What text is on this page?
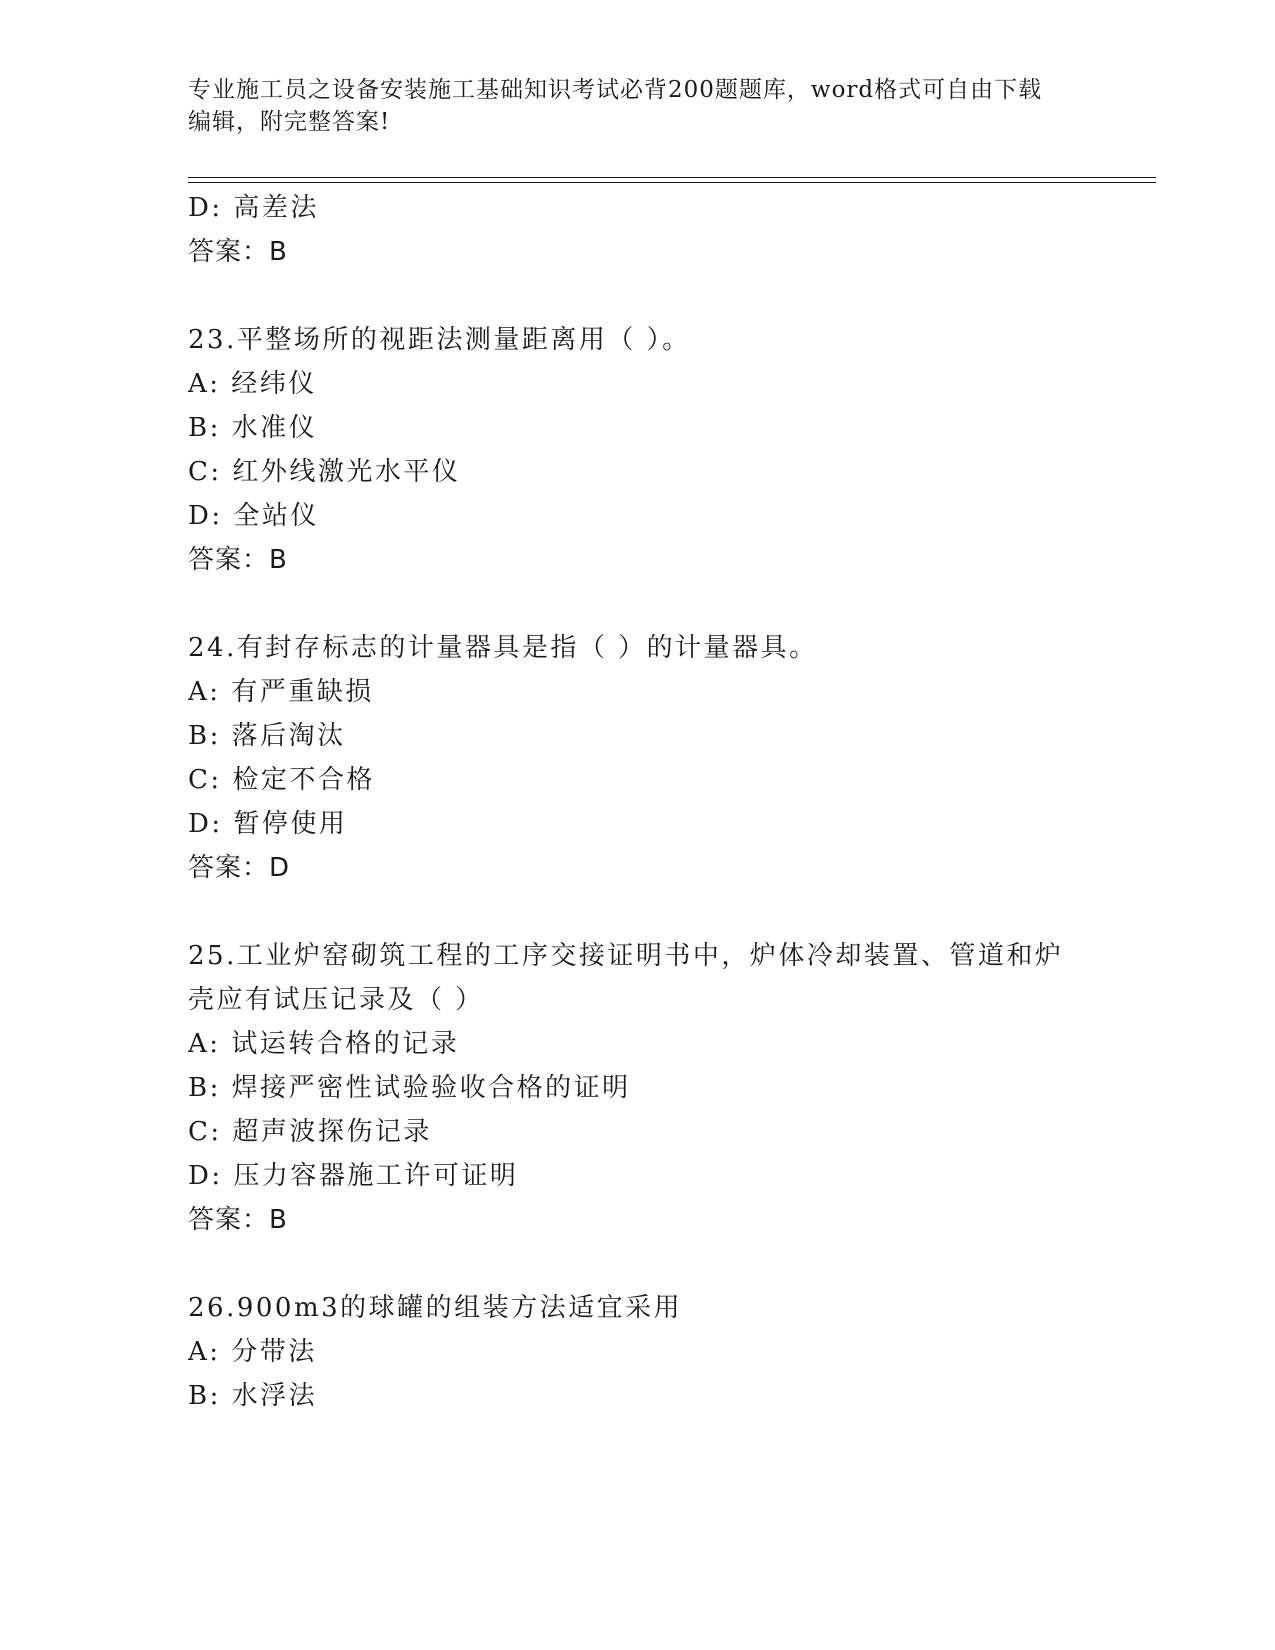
专业施工员之设备安装施工基础知识考试必背200题题库，word格式可自由下载
编辑，附完整答案!

D: 高差法

答案：B

23.平整场所的视距法测量距离用（ ）。

A: 经纬仪

B: 水准仪

C: 红外线激光水平仪

D: 全站仪

答案：B

24.有封存标志的计量器具是指（ ）的计量器具。

A: 有严重缺损

B: 落后淘汰

C: 检定不合格

D: 暂停使用

答案：D

25.工业炉窑砌筑工程的工序交接证明书中，炉体冷却装置、管道和炉

壳应有试压记录及（ ）

A: 试运转合格的记录

B: 焊接严密性试验验收合格的证明

C: 超声波探伤记录

D: 压力容器施工许可证明

答案：B

26.900m3的球罐的组装方法适宜采用

A: 分带法

B: 水浮法
